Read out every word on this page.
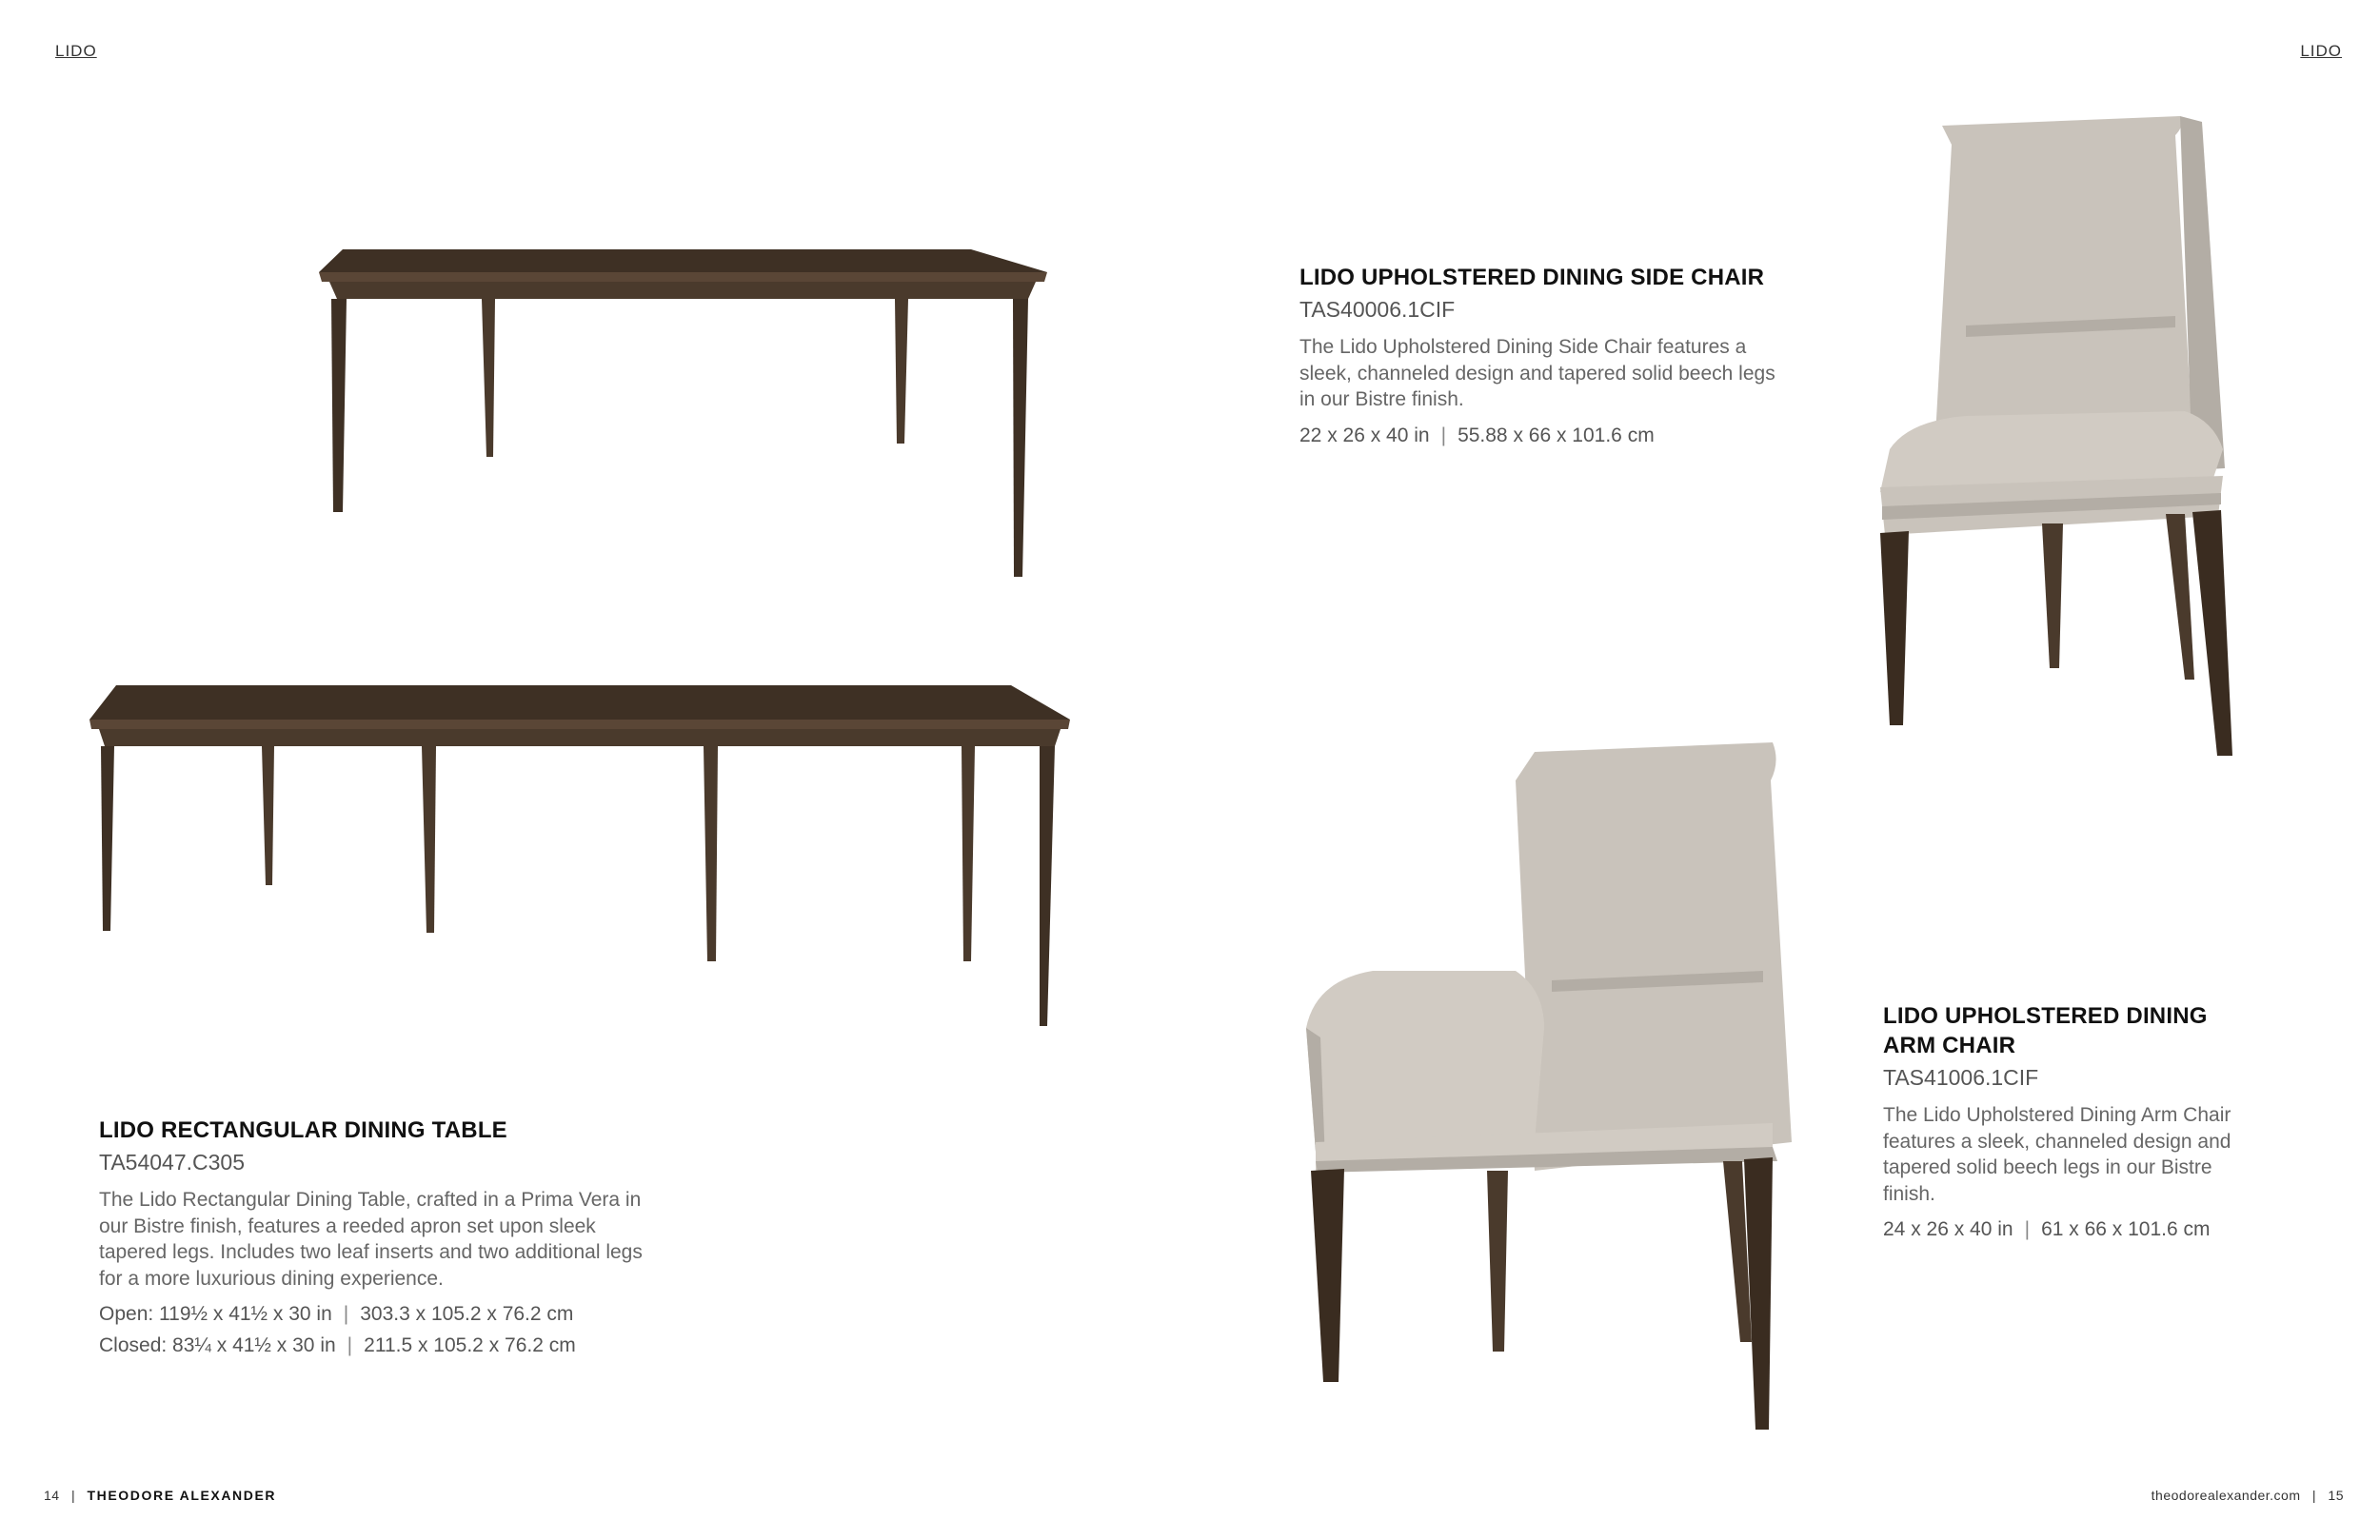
LIDO	LIDO
LIDO RECTANGULAR DINING TABLE
TA54047.C305
The Lido Rectangular Dining Table, crafted in a Prima Vera in our Bistre finish, features a reeded apron set upon sleek tapered legs. Includes two leaf inserts and two additional legs for a more luxurious dining experience.
Open: 119½ x 41½ x 30 in | 303.3 x 105.2 x 76.2 cm
Closed: 83¼ x 41½ x 30 in | 211.5 x 105.2 x 76.2 cm
LIDO UPHOLSTERED DINING SIDE CHAIR
TAS40006.1CIF
The Lido Upholstered Dining Side Chair features a sleek, channeled design and tapered solid beech legs in our Bistre finish.
22 x 26 x 40 in | 55.88 x 66 x 101.6 cm
LIDO UPHOLSTERED DINING
ARM CHAIR
TAS41006.1CIF
The Lido Upholstered Dining Arm Chair features a sleek, channeled design and tapered solid beech legs in our Bistre finish.
24 x 26 x 40 in | 61 x 66 x 101.6 cm
14 | THEODORE ALEXANDER	theodorealexander.com | 15
